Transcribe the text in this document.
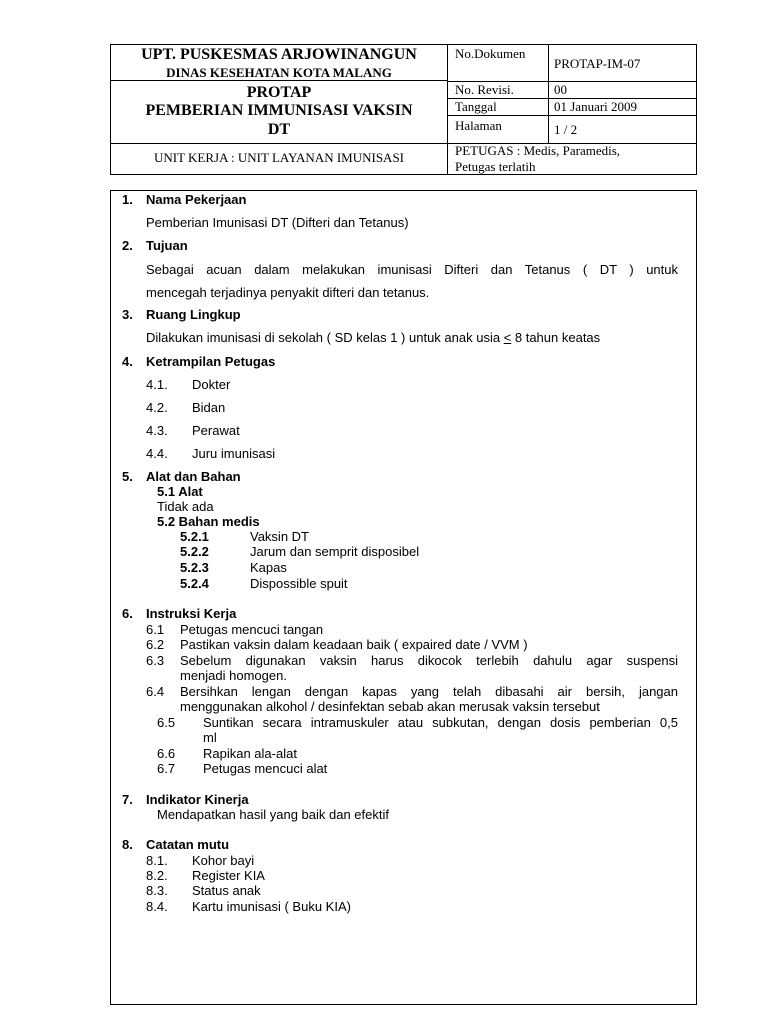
UPT. PUSKESMAS ARJOWINANGUN
DINAS KESEHATAN KOTA MALANG
PROTAP
PEMBERIAN IMMUNISASI VAKSIN
DT
UNIT KERJA : UNIT LAYANAN IMUNISASI
No.Dokumen
PROTAP-IM-07
No. Revisi.	00
Tanggal	01 Januari 2009
Halaman	1 / 2
PETUGAS : Medis, Paramedis,
Petugas terlatih
1. Nama Pekerjaan
Pemberian Imunisasi DT (Difteri dan Tetanus)
2. Tujuan
Sebagai acuan dalam melakukan imunisasi Difteri dan Tetanus ( DT ) untuk
mencegah terjadinya penyakit difteri dan tetanus.
3. Ruang Lingkup
Dilakukan imunisasi di sekolah ( SD kelas 1 ) untuk anak usia ≤ 8 tahun keatas
4. Ketrampilan Petugas
4.1. Dokter
4.2. Bidan
4.3. Perawat
4.4. Juru imunisasi
5. Alat dan Bahan
5.1 Alat
Tidak ada
5.2 Bahan medis
5.2.1	Vaksin DT
5.2.2	Jarum dan semprit disposibel
5.2.3	Kapas
5.2.4	Dispossible spuit
6. Instruksi Kerja
6.1 Petugas mencuci tangan
6.2 Pastikan vaksin dalam keadaan baik ( expaired date / VVM )
6.3 Sebelum digunakan vaksin harus dikocok terlebih dahulu agar suspensi
menjadi homogen.
6.4 Bersihkan lengan dengan kapas yang telah dibasahi air bersih, jangan
menggunakan alkohol / desinfektan sebab akan merusak vaksin tersebut
6.5 Suntikan secara intramuskuler atau subkutan, dengan dosis pemberian 0,5
ml
6.6 Rapikan ala-alat
6.7 Petugas mencuci alat
7. Indikator Kinerja
Mendapatkan hasil yang baik dan efektif
8. Catatan mutu
8.1. Kohor bayi
8.2. Register KIA
8.3. Status anak
8.4. Kartu imunisasi ( Buku KIA)
